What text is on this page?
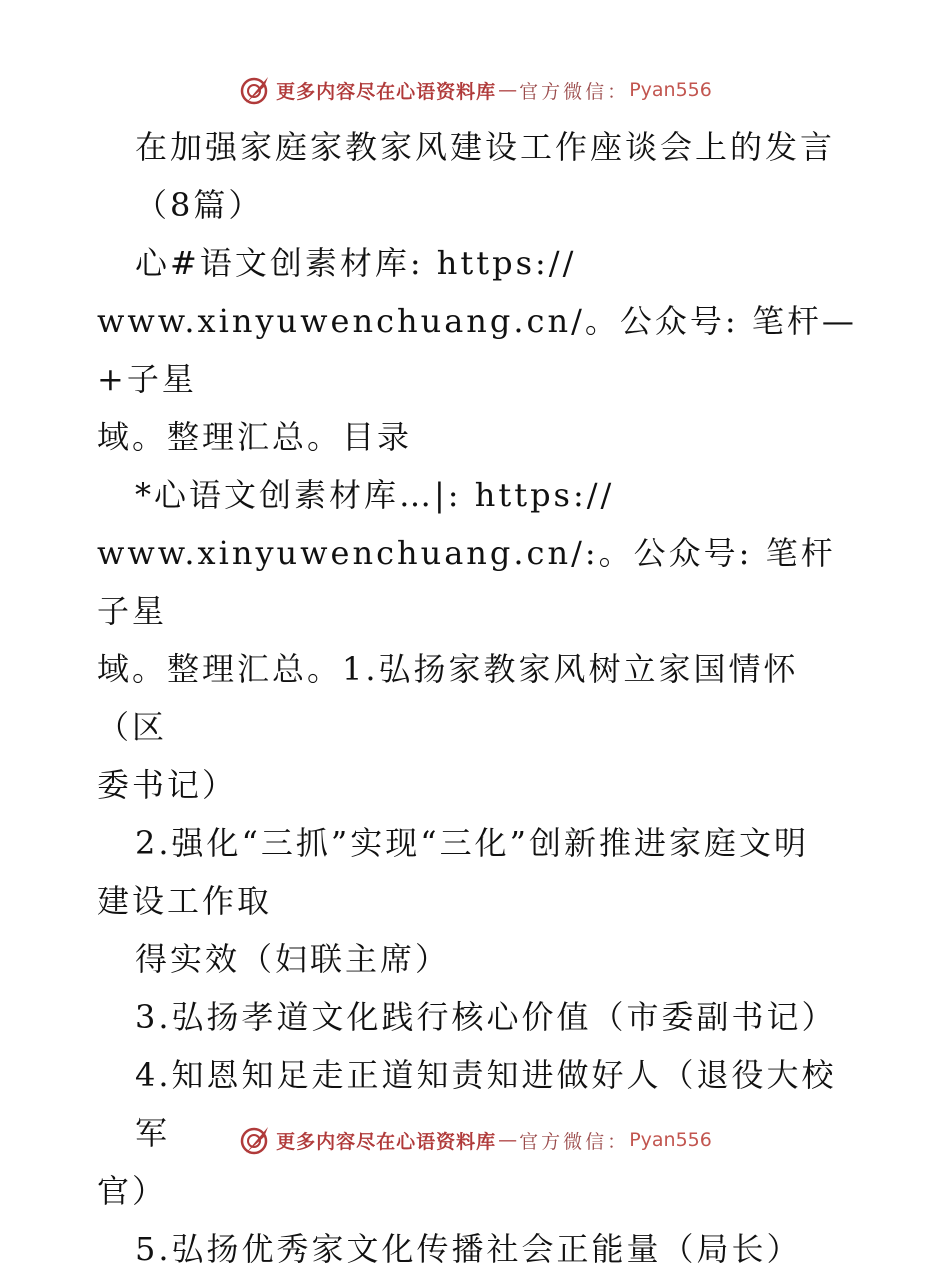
更多内容尽在心语资料库 — 官方微信： Pyan556

在加强家庭家教家风建设工作座谈会上的发言

（8篇）

心#语文创素材库: https://

www.xinyuwenchuang.cn/。公众号: 笔杆—+子星

域。整理汇总。目录

*心语文创素材库…|: https://

www.xinyuwenchuang.cn/:。公众号: 笔杆子星

域。整理汇总。1.弘扬家教家风树立家国情怀（区

委书记）

2.强化“三抓”实现“三化”创新推进家庭文明

建设工作取

得实效（妇联主席）

3.弘扬孝道文化践行核心价值（市委副书记）

4.知恩知足走正道知责知进做好人（退役大校军

官）

5.弘扬优秀家文化传播社会正能量（局长）

更多内容尽在心语资料库 — 官方微信： Pyan556
